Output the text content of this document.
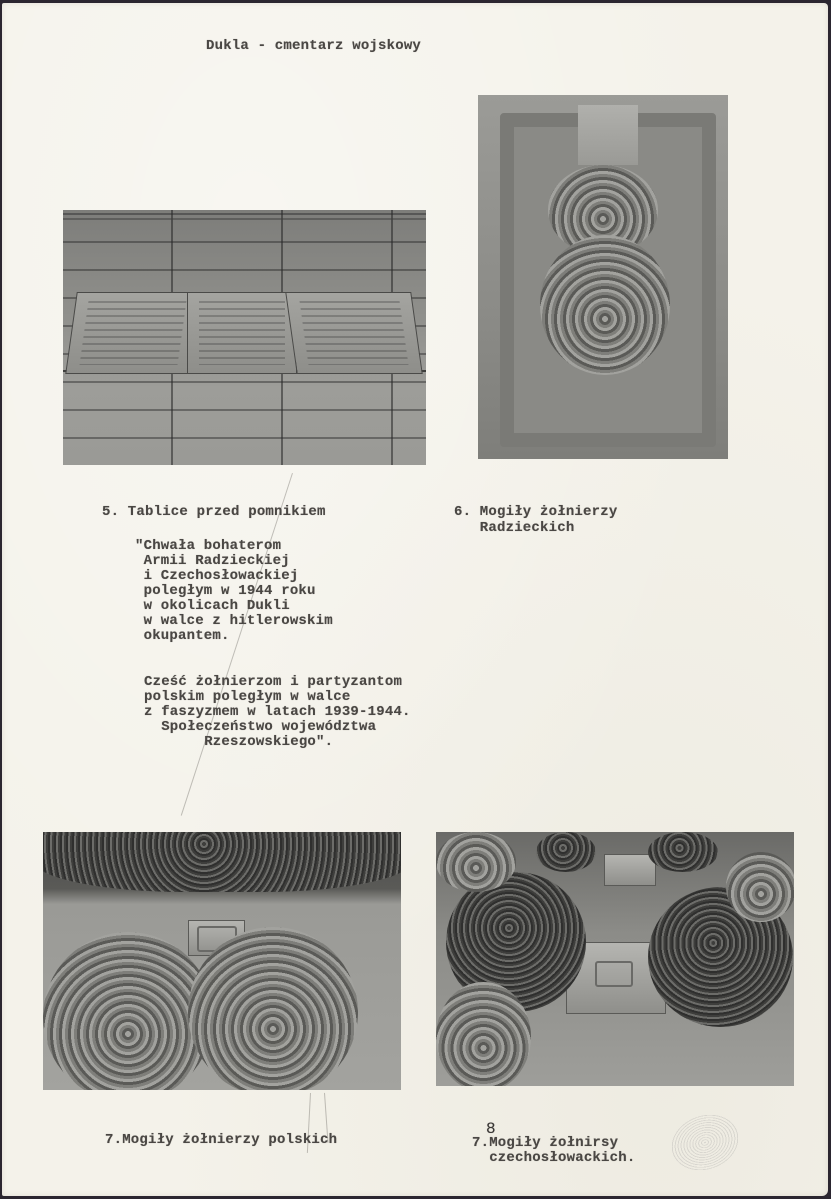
Dukla - cmentarz wojskowy
5. Tablice przed pomnikiem	6. Mogiły żołnierzy
Radzieckich
"Chwała bohaterom
Armii Radzieckiej
i Czechosłowackiej
poległym w 1944 roku
w okolicach Dukli
w walce z hitlerowskim
okupantem.
Cześć żołnierzom i partyzantom
polskim poległym w walce
z faszyzmem w latach 1939-1944.
Społeczeństwo województwa
Rzeszowskiego".
7.Mogiły żołnierzy polskich	7.Mogiły żołnirsy
8
czechosłowackich.
